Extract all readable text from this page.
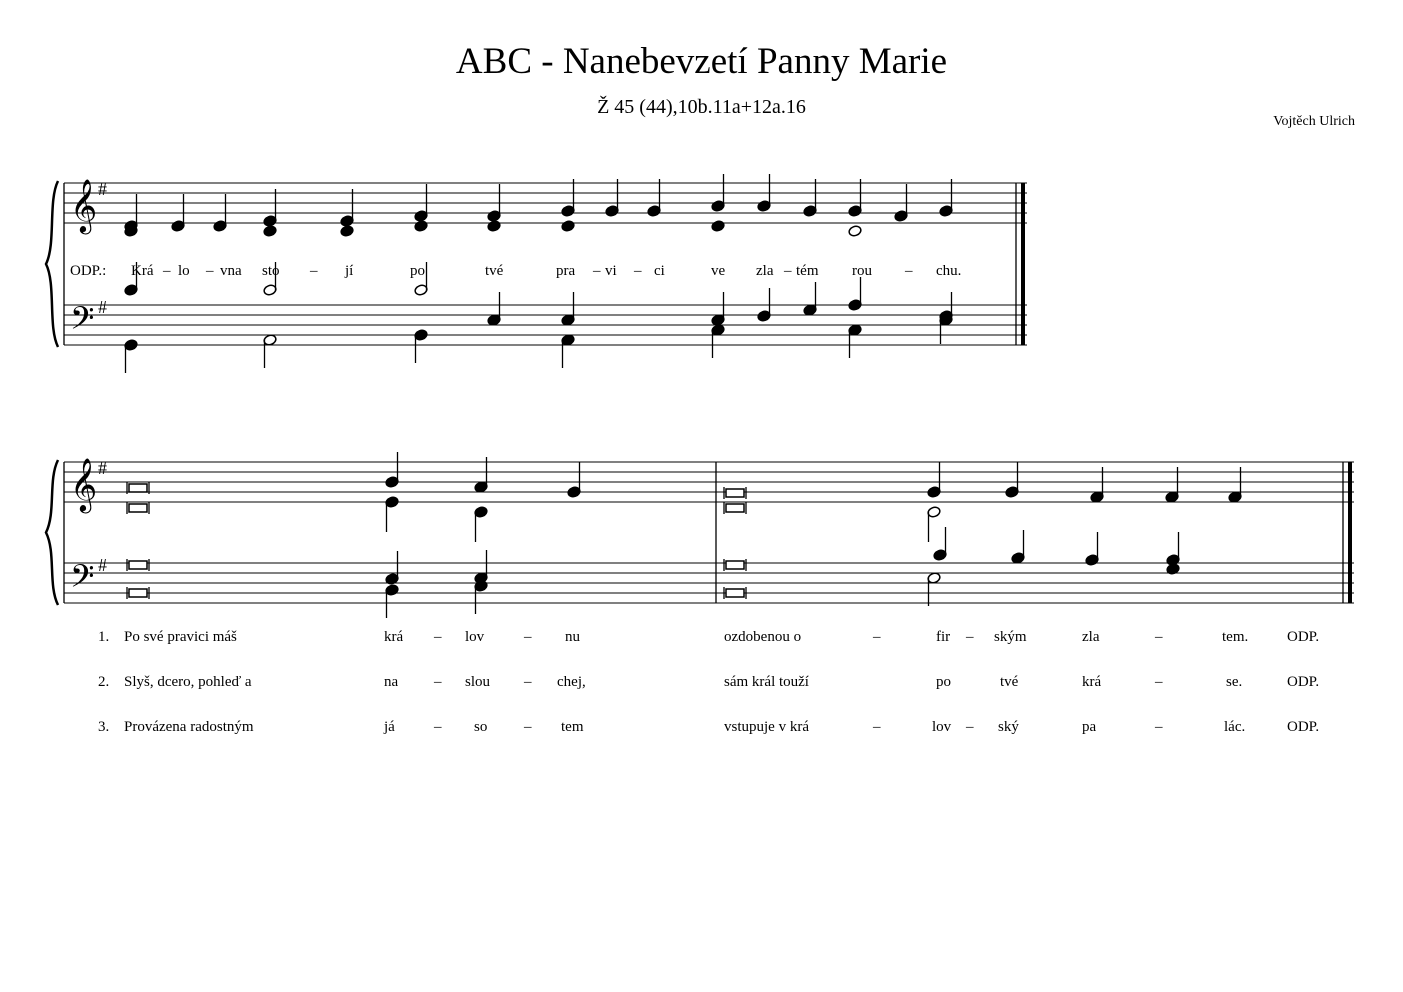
ABC - Nanebevzetí Panny Marie
Ž 45 (44),10b.11a+12a.16
Vojtěch Ulrich
𝄞 #
𝄢 #
𝄞 #
𝄢 #
ODP.: Krá – lo – vna sto – jí	po	tvé	pra – vi – ci	ve zla – tém rou – chu.
1. Po své pravici máš	krá – lov	– nu	ozdobenou o	–	fir – ským	zla	–	tem.	ODP.
2. Slyš, dcero, pohleď a	na – slou – chej,	sám král touží	po	tvé	krá	–	se.	ODP.
3. Provázena radostným	já	– so – tem	vstupuje v krá	–	lov – ský	pa	–	lác.	ODP.
